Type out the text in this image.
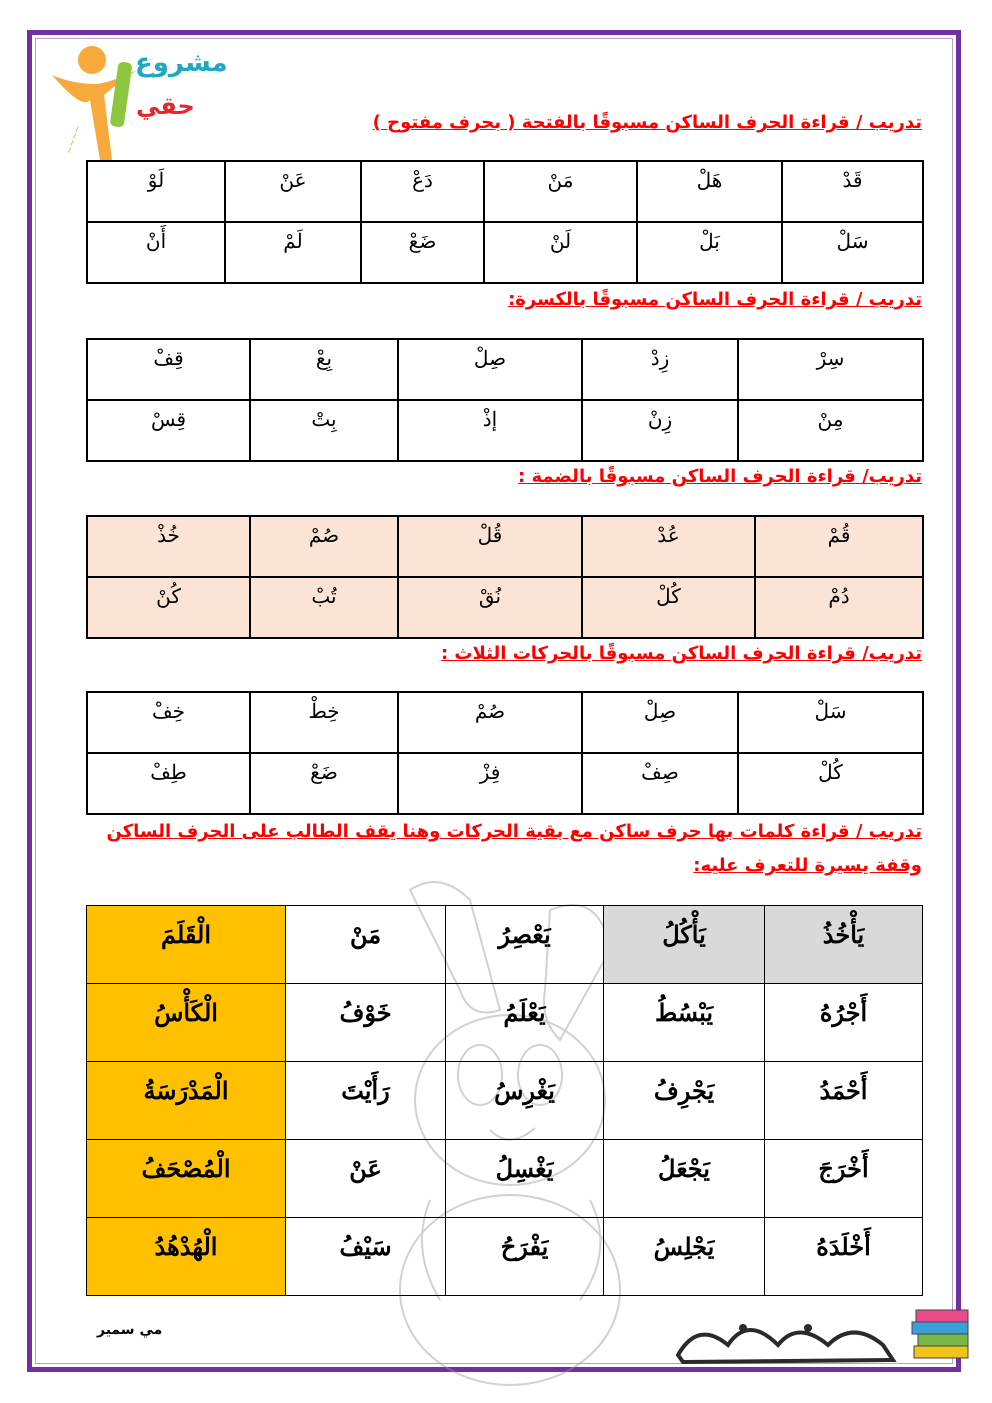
~~~~
مشروع
حقي
تدريب / قراءة الحرف الساكن مسبوقًا بالفتحة ( بحرف مفتوح )
قَدْ	هَلْ	مَنْ	دَعْ	عَنْ	لَوْ
سَلْ	بَلْ	لَنْ	ضَعْ	لَمْ	أَنْ
تدريب / قراءة الحرف الساكن مسبوقًا بالكسرة:
سِرْ	زِدْ	صِلْ	بِعْ	قِفْ
مِنْ	زِنْ	إذْ	بِتْ	قِسْ
تدريب/ قراءة الحرف الساكن مسبوقًا بالضمة :
قُمْ	عُدْ	قُلْ	صُمْ	خُذْ
دُمْ	كُلْ	نُقْ	تُبْ	كُنْ
تدريب/ قراءة الحرف الساكن مسبوقًا بالحركات الثلاث :
سَلْ	صِلْ	صُمْ	خِطْ	خِفْ
كُلْ	صِفْ	فِزْ	ضَعْ	طِفْ
تدريب / قراءة كلمات بها حرف ساكن مع بقية الحركات وهنا يقف الطالب على الحرف الساكن وقفة يسيرة للتعرف عليه:
يَأْخُذُ	يَأْكُلُ	يَعْصِرُ	مَنْ	الْقَلَمَ
أَجْرُهُ	يَبْسُطُ	يَعْلَمُ	خَوْفُ	الْكَأْسُ
أَحْمَدُ	يَجْرِفُ	يَغْرِسُ	رَأَيْتَ	الْمَدْرَسَةُ
أَخْرَجَ	يَجْعَلُ	يَغْسِلُ	عَنْ	الْمُصْحَفُ
أَخْلَدَهُ	يَجْلِسُ	يَفْرَحُ	سَيْفُ	الْهُدْهُدُ
مي سمير
